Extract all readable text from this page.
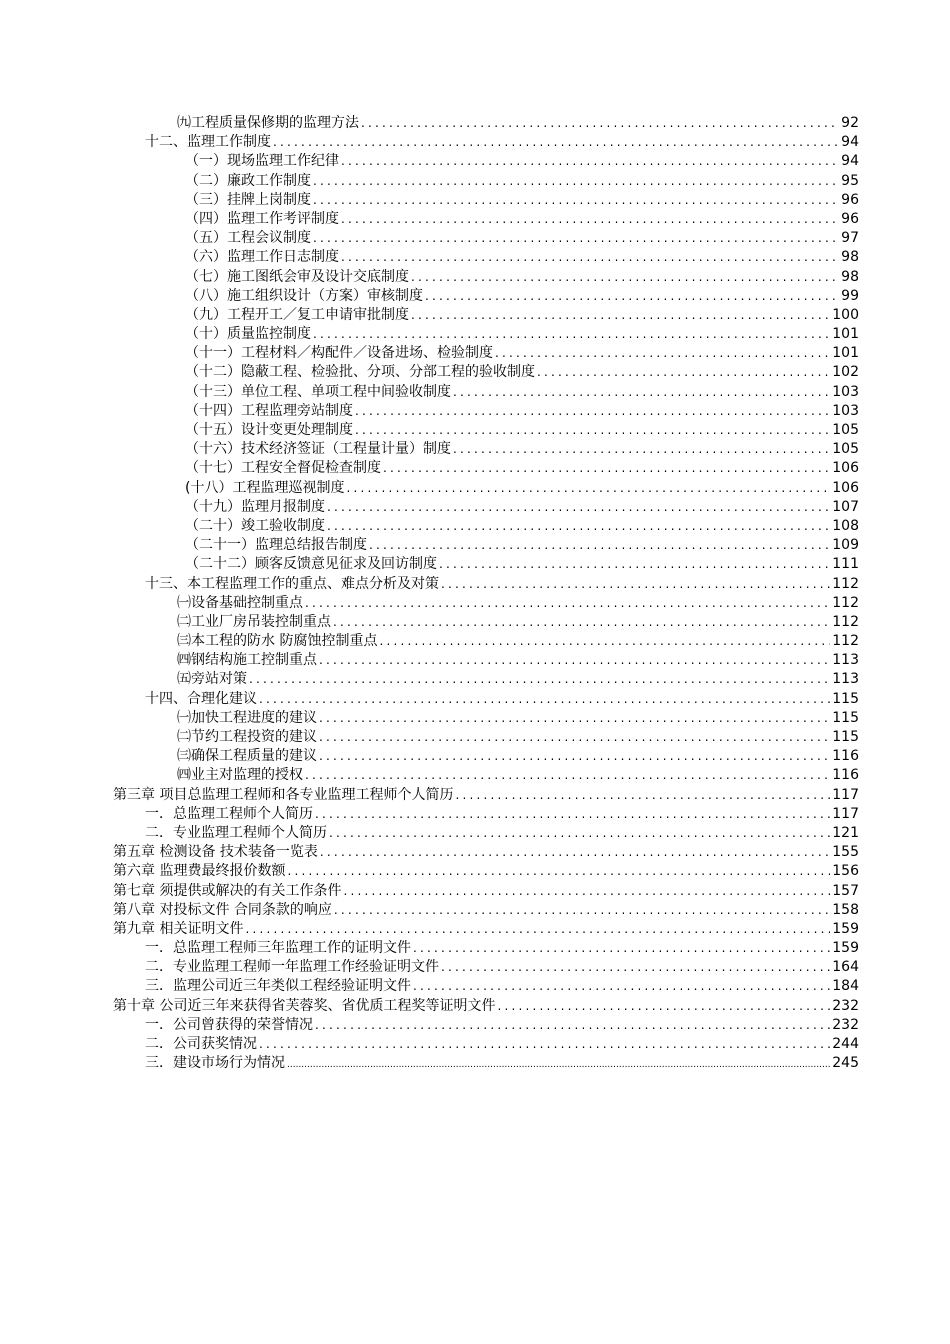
㈨工程质量保修期的监理方法 .....	92
十二、监理工作制度 .....	94
（一）现场监理工作纪律 .....	94
（二）廉政工作制度 .....	95
（三）挂牌上岗制度 .....	96
（四）监理工作考评制度 .....	96
（五）工程会议制度 .....	97
（六）监理工作日志制度 .....	98
（七）施工图纸会审及设计交底制度 .....	98
（八）施工组织设计（方案）审核制度 .....	99
（九）工程开工／复工申请审批制度 .....	100
（十）质量监控制度 .....	101
（十一）工程材料／构配件／设备进场、检验制度 .....	101
（十二）隐蔽工程、检验批、分项、分部工程的验收制度 .....	102
（十三）单位工程、单项工程中间验收制度 .....	103
（十四）工程监理旁站制度 .....	103
（十五）设计变更处理制度 .....	105
（十六）技术经济签证（工程量计量）制度 .....	105
（十七）工程安全督促检查制度 .....	106
(十八）工程监理巡视制度 .....	106
（十九）监理月报制度 .....	107
（二十）竣工验收制度 .....	108
（二十一）监理总结报告制度 .....	109
（二十二）顾客反馈意见征求及回访制度 .....	111
十三、本工程监理工作的重点、难点分析及对策 .....	112
㈠设备基础控制重点 .....	112
㈡工业厂房吊装控制重点 .....	112
㈢本工程的防水 防腐蚀控制重点 .....	112
㈣钢结构施工控制重点 .....	113
㈤旁站对策 .....	113
十四、合理化建议 .....	115
㈠加快工程进度的建议 .....	115
㈡节约工程投资的建议 .....	115
㈢确保工程质量的建议 .....	116
㈣业主对监理的授权 .....	116
第三章 项目总监理工程师和各专业监理工程师个人简历 .....	117
一．总监理工程师个人简历 .....	117
二．专业监理工程师个人简历 .....	121
第五章 检测设备 技术装备一览表 .....	155
第六章 监理费最终报价数额 .....	156
第七章 须提供或解决的有关工作条件 .....	157
第八章 对投标文件 合同条款的响应 .....	158
第九章 相关证明文件 .....	159
一．总监理工程师三年监理工作的证明文件 .....	159
二．专业监理工程师一年监理工作经验证明文件 .....	164
三．监理公司近三年类似工程经验证明文件 .....	184
第十章 公司近三年来获得省芙蓉奖、省优质工程奖等证明文件 .....	232
一．公司曾获得的荣誉情况 .....	232
二．公司获奖情况 .....	244
三．建设市场行为情况 .....	245
